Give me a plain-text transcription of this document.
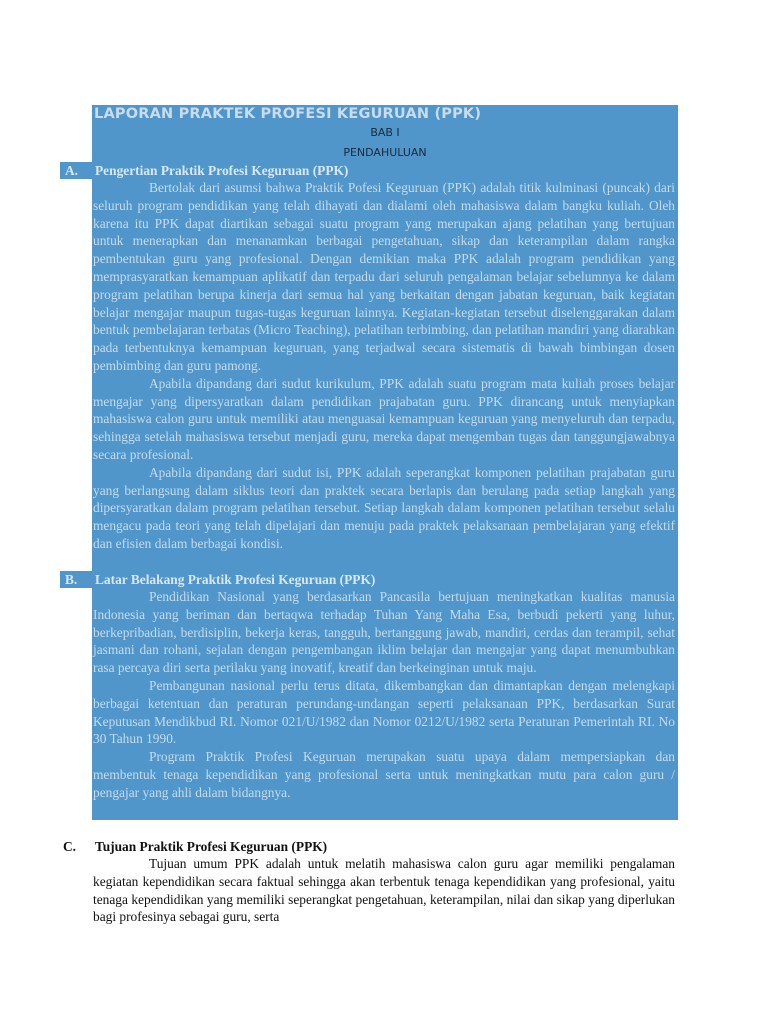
LAPORAN PRAKTEK PROFESI KEGURUAN (PPK)
BAB I
PENDAHULUAN
A. Pengertian Praktik Profesi Keguruan (PPK)

Bertolak dari asumsi bahwa Praktik Pofesi Keguruan (PPK) adalah titik kulminasi (puncak) dari seluruh program pendidikan yang telah dihayati dan dialami oleh mahasiswa dalam bangku kuliah. Oleh karena itu PPK dapat diartikan sebagai suatu program yang merupakan ajang pelatihan yang bertujuan untuk menerapkan dan menanamkan berbagai pengetahuan, sikap dan keterampilan dalam rangka pembentukan guru yang profesional. Dengan demikian maka PPK adalah program pendidikan yang memprasyaratkan kemampuan aplikatif dan terpadu dari seluruh pengalaman belajar sebelumnya ke dalam program pelatihan berupa kinerja dari semua hal yang berkaitan dengan jabatan keguruan, baik kegiatan belajar mengajar maupun tugas-tugas keguruan lainnya. Kegiatan-kegiatan tersebut diselenggarakan dalam bentuk pembelajaran terbatas (Micro Teaching), pelatihan terbimbing, dan pelatihan mandiri yang diarahkan pada terbentuknya kemampuan keguruan, yang terjadwal secara sistematis di bawah bimbingan dosen pembimbing dan guru pamong.

Apabila dipandang dari sudut kurikulum, PPK adalah suatu program mata kuliah proses belajar mengajar yang dipersyaratkan dalam pendidikan prajabatan guru. PPK dirancang untuk menyiapkan mahasiswa calon guru untuk memiliki atau menguasai kemampuan keguruan yang menyeluruh dan terpadu, sehingga setelah mahasiswa tersebut menjadi guru, mereka dapat mengemban tugas dan tanggungjawabnya secara profesional.

Apabila dipandang dari sudut isi, PPK adalah seperangkat komponen pelatihan prajabatan guru yang berlangsung dalam siklus teori dan praktek secara berlapis dan berulang pada setiap langkah yang dipersyaratkan dalam program pelatihan tersebut. Setiap langkah dalam komponen pelatihan tersebut selalu mengacu pada teori yang telah dipelajari dan menuju pada praktek pelaksanaan pembelajaran yang efektif dan efisien dalam berbagai kondisi.

B. Latar Belakang Praktik Profesi Keguruan (PPK)

Pendidikan Nasional yang berdasarkan Pancasila bertujuan meningkatkan kualitas manusia Indonesia yang beriman dan bertaqwa terhadap Tuhan Yang Maha Esa, berbudi pekerti yang luhur, berkepribadian, berdisiplin, bekerja keras, tangguh, bertanggung jawab, mandiri, cerdas dan terampil, sehat jasmani dan rohani, sejalan dengan pengembangan iklim belajar dan mengajar yang dapat menumbuhkan rasa percaya diri serta perilaku yang inovatif, kreatif dan berkeinginan untuk maju.

Pembangunan nasional perlu terus ditata, dikembangkan dan dimantapkan dengan melengkapi berbagai ketentuan dan peraturan perundang-undangan seperti pelaksanaan PPK, berdasarkan Surat Keputusan Mendikbud RI. Nomor 021/U/1982 dan Nomor 0212/U/1982 serta Peraturan Pemerintah RI. No 30 Tahun 1990.

Program Praktik Profesi Keguruan merupakan suatu upaya dalam mempersiapkan dan membentuk tenaga kependidikan yang profesional serta untuk meningkatkan mutu para calon guru / pengajar yang ahli dalam bidangnya.

C. Tujuan Praktik Profesi Keguruan (PPK)

Tujuan umum PPK adalah untuk melatih mahasiswa calon guru agar memiliki pengalaman kegiatan kependidikan secara faktual sehingga akan terbentuk tenaga kependidikan yang profesional, yaitu tenaga kependidikan yang memiliki seperangkat pengetahuan, keterampilan, nilai dan sikap yang diperlukan bagi profesinya sebagai guru, serta
